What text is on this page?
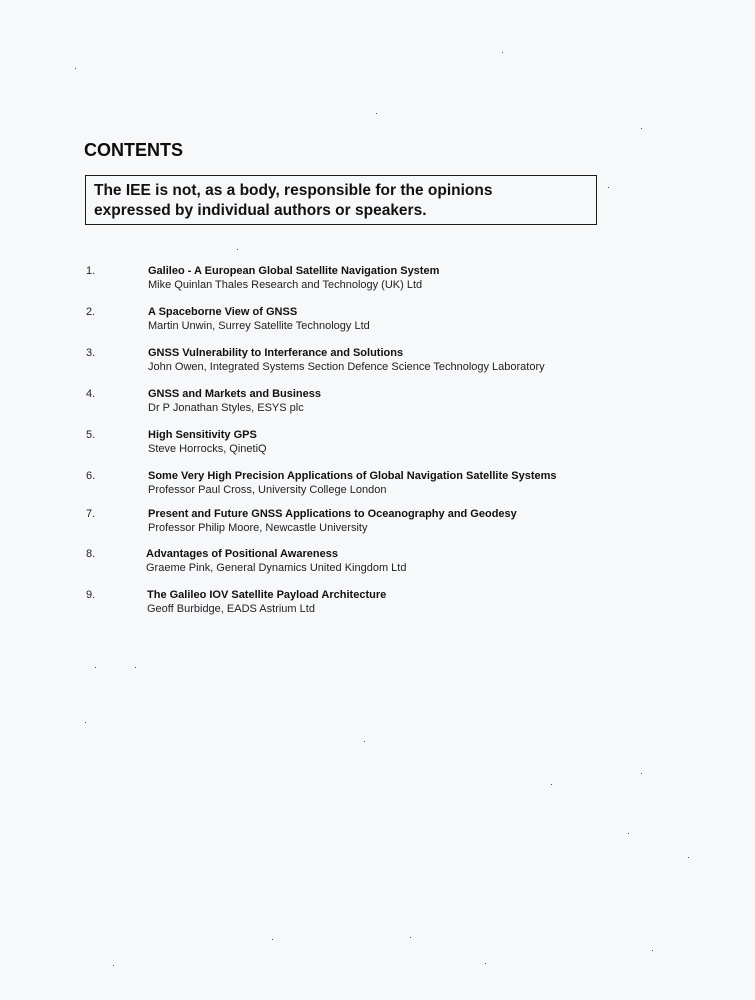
CONTENTS
The IEE is not, as a body, responsible for the opinions
expressed by individual authors or speakers.
1.	Galileo - A European Global Satellite Navigation System
Mike Quinlan Thales Research and Technology (UK) Ltd
2.	A Spaceborne View of GNSS
Martin Unwin, Surrey Satellite Technology Ltd
3.	GNSS Vulnerability to Interferance and Solutions
John Owen, Integrated Systems Section Defence Science Technology Laboratory
4.	GNSS and Markets and Business
Dr P Jonathan Styles, ESYS plc
5.	High Sensitivity GPS
Steve Horrocks, QinetiQ
6.	Some Very High Precision Applications of Global Navigation Satellite Systems
Professor Paul Cross, University College London
7.	Present and Future GNSS Applications to Oceanography and Geodesy
Professor Philip Moore, Newcastle University
8.	Advantages of Positional Awareness
Graeme Pink, General Dynamics United Kingdom Ltd
9.	The Galileo IOV Satellite Payload Architecture
Geoff Burbidge, EADS Astrium Ltd
